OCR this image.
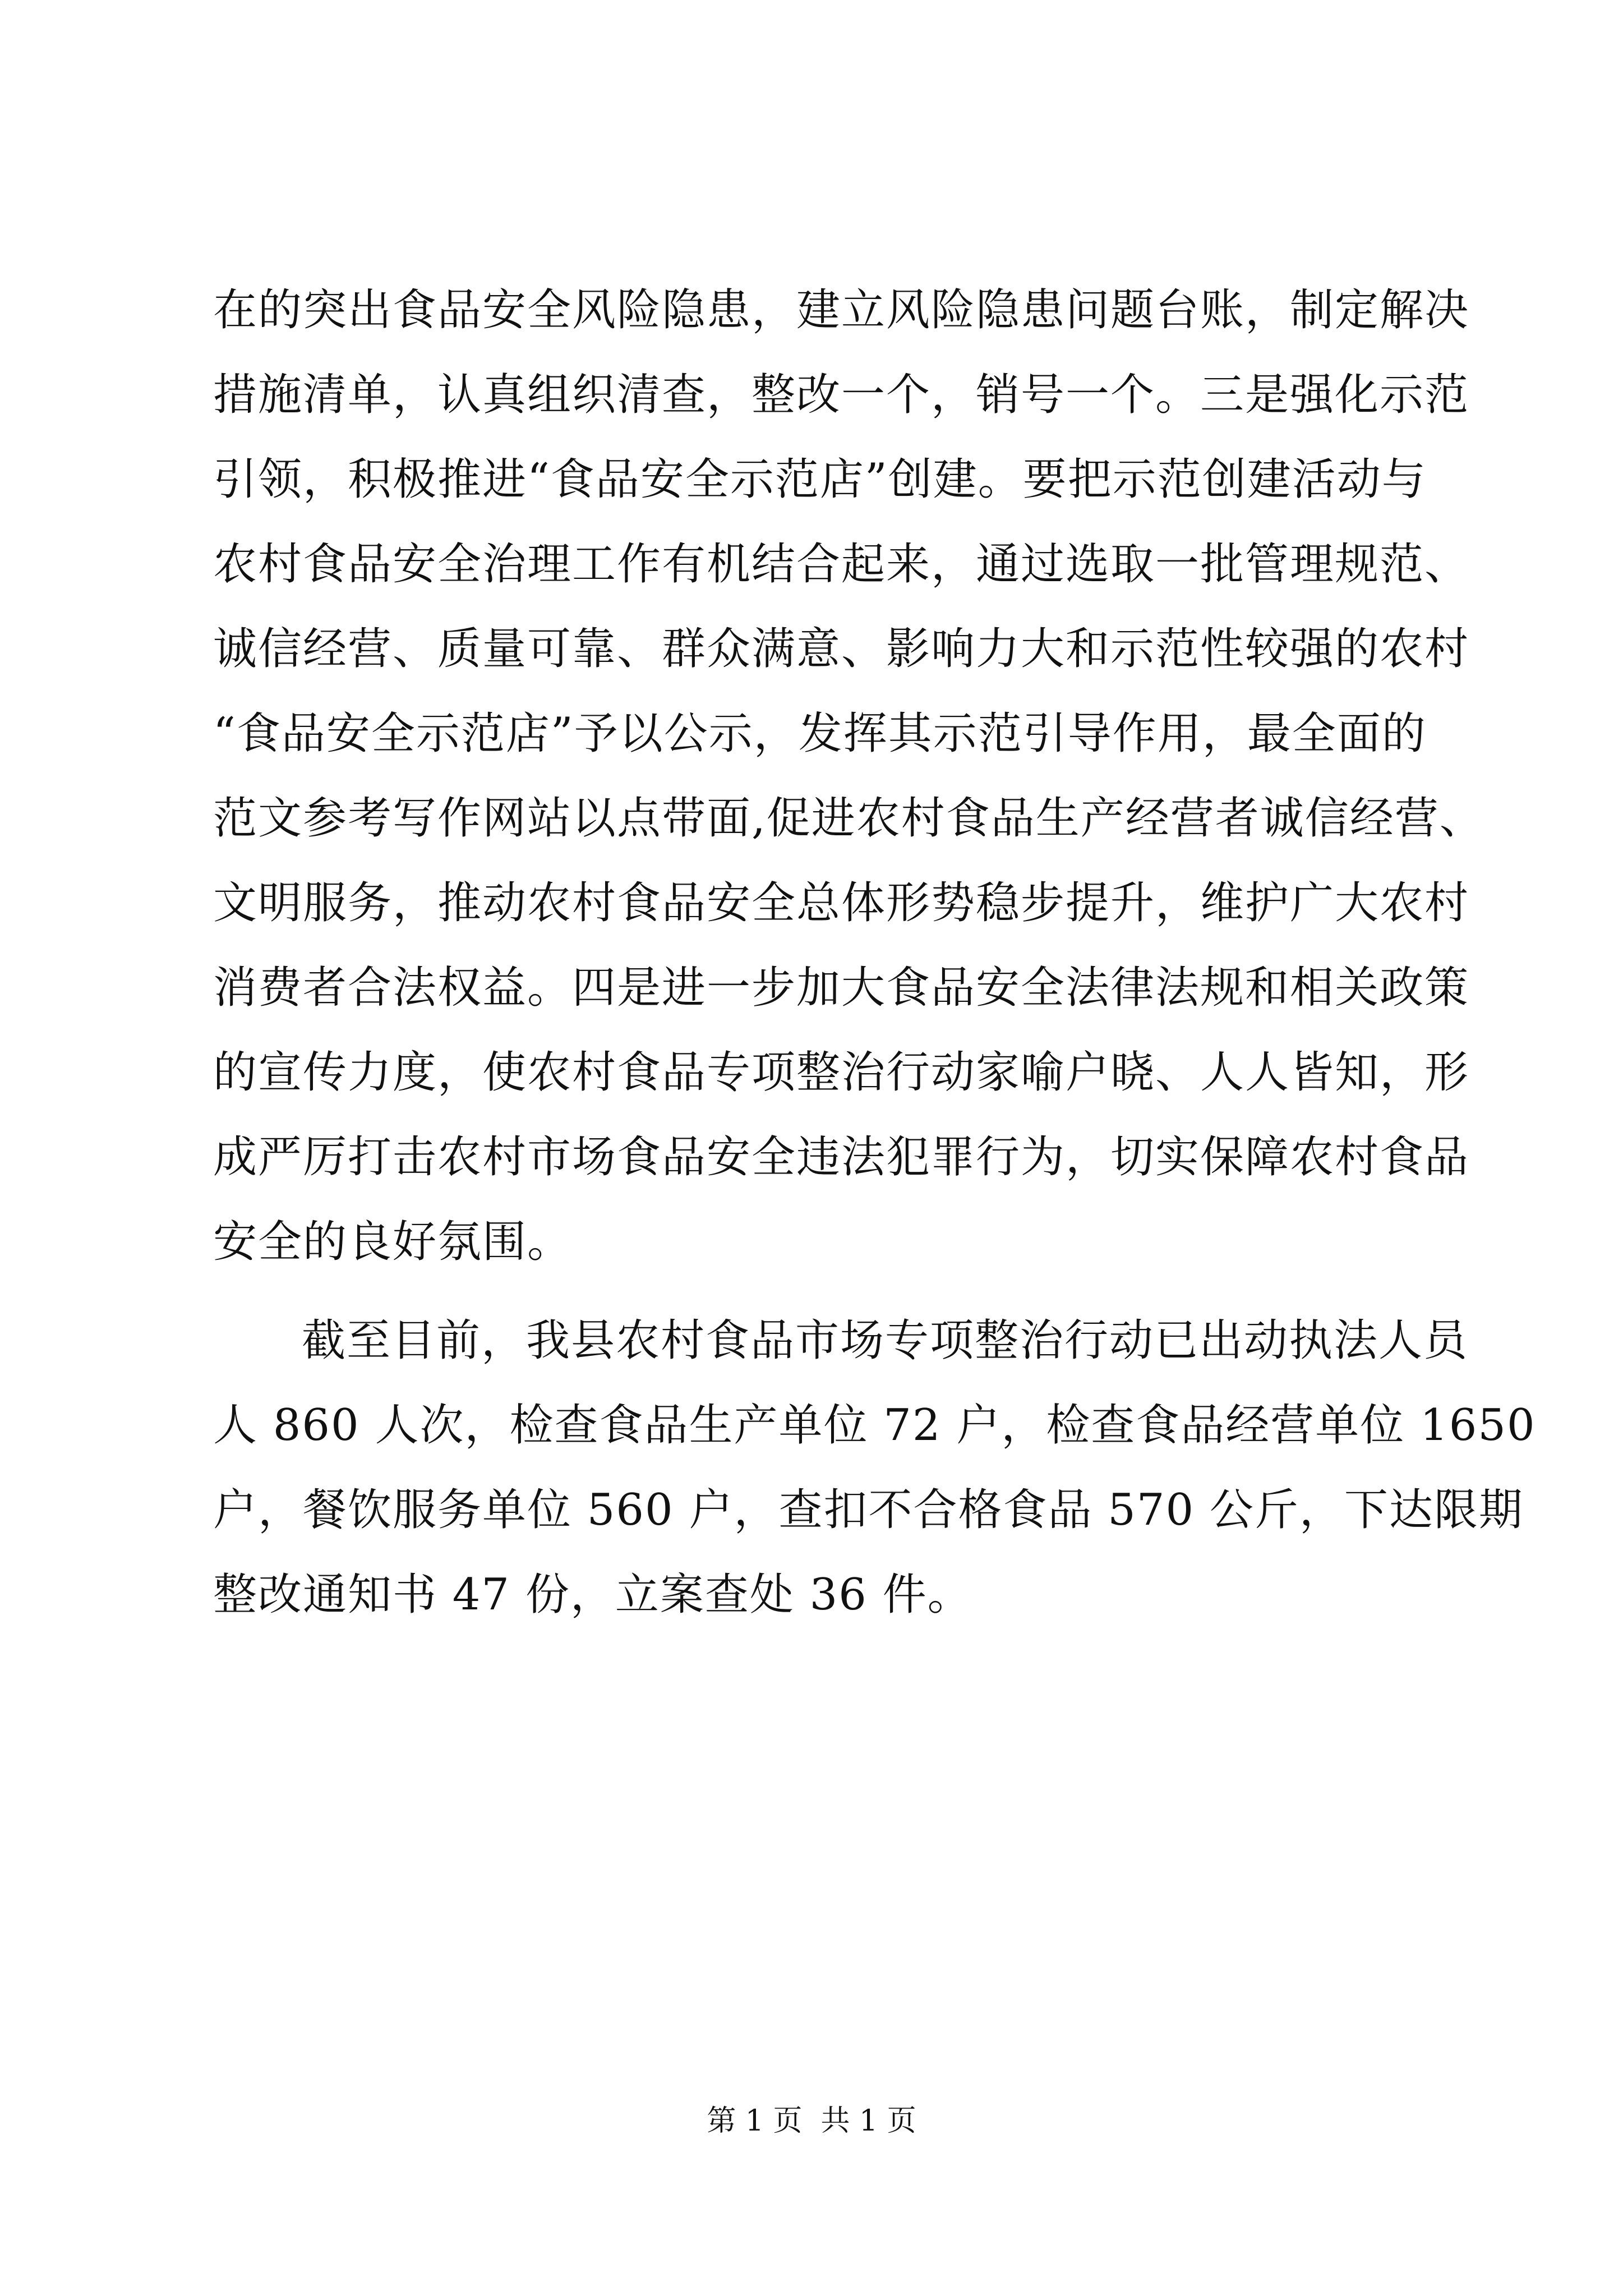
在的突出食品安全风险隐患，建立风险隐患问题台账，制定解决
措施清单，认真组织清查，整改一个，销号一个。三是强化示范
引领，积极推进“食品安全示范店”创建。要把示范创建活动与
农村食品安全治理工作有机结合起来，通过选取一批管理规范、
诚信经营、质量可靠、群众满意、影响力大和示范性较强的农村
“食品安全示范店”予以公示，发挥其示范引导作用，最全面的
范文参考写作网站以点带面,促进农村食品生产经营者诚信经营、
文明服务，推动农村食品安全总体形势稳步提升，维护广大农村
消费者合法权益。四是进一步加大食品安全法律法规和相关政策
的宣传力度，使农村食品专项整治行动家喻户晓、人人皆知，形
成严厉打击农村市场食品安全违法犯罪行为，切实保障农村食品
安全的良好氛围。
截至目前，我县农村食品市场专项整治行动已出动执法人员
人 860 人次，检查食品生产单位 72 户，检查食品经营单位 1650
户，餐饮服务单位 560 户，查扣不合格食品 570 公斤，下达限期
整改通知书 47 份，立案查处 36 件。
第 1 页  共 1 页
